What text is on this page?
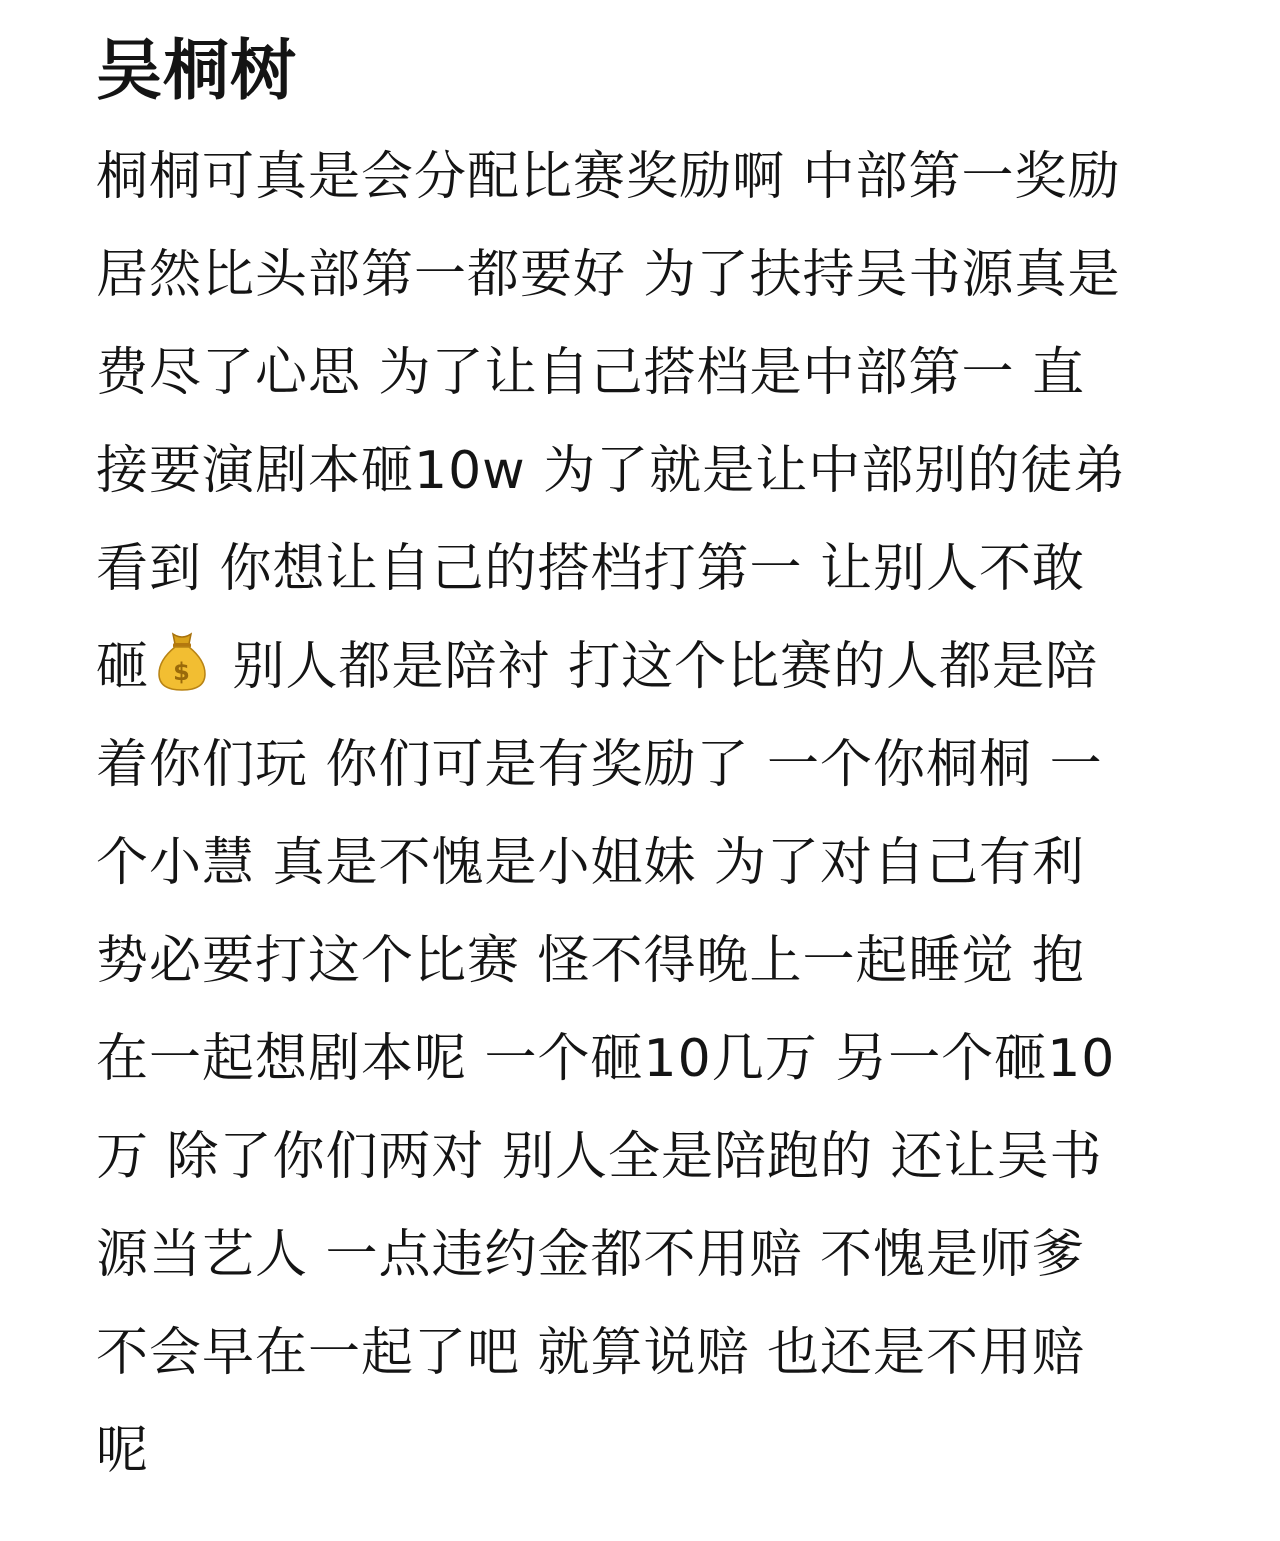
吴桐树
桐桐可真是会分配比赛奖励啊 中部第一奖励
居然比头部第一都要好 为了扶持吴书源真是
费尽了心思 为了让自己搭档是中部第一 直
接要演剧本砸10w 为了就是让中部别的徒弟
看到 你想让自己的搭档打第一 让别人不敢
砸 $ 别人都是陪衬 打这个比赛的人都是陪
着你们玩 你们可是有奖励了 一个你桐桐 一
个小慧 真是不愧是小姐妹 为了对自己有利
势必要打这个比赛 怪不得晚上一起睡觉 抱
在一起想剧本呢 一个砸10几万 另一个砸10
万 除了你们两对 别人全是陪跑的 还让吴书
源当艺人 一点违约金都不用赔 不愧是师爹
不会早在一起了吧 就算说赔 也还是不用赔
呢
